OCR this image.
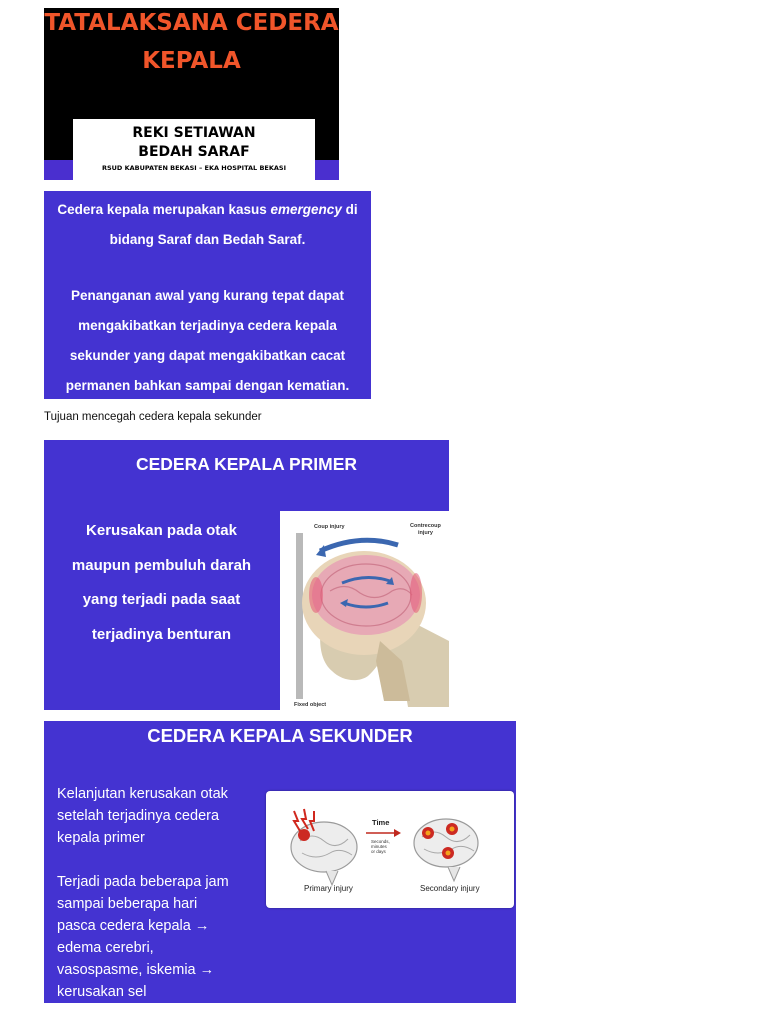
TATALAKSANA CEDERA
KEPALA
REKI SETIAWAN
BEDAH SARAF
RSUD KABUPATEN BEKASI – EKA HOSPITAL BEKASI
Cedera kepala merupakan kasus emergency di
bidang Saraf dan Bedah Saraf.
Penanganan awal yang kurang tepat dapat
mengakibatkan terjadinya cedera kepala
sekunder yang dapat mengakibatkan cacat
permanen bahkan sampai dengan kematian.
Tujuan mencegah cedera kepala sekunder
CEDERA KEPALA PRIMER
Kerusakan pada otak
maupun pembuluh darah
yang terjadi pada saat
terjadinya benturan
Coup injury	Contrecoup
injury
Fixed object
CEDERA KEPALA SEKUNDER
Kelanjutan kerusakan otak
setelah terjadinya cedera
kepala primer
Terjadi pada beberapa jam
sampai beberapa hari
pasca cedera kepala →
edema cerebri,
vasospasme, iskemia →
kerusakan sel
Time
Seconds,
minutes
or days
Primary injury	Secondary injury
